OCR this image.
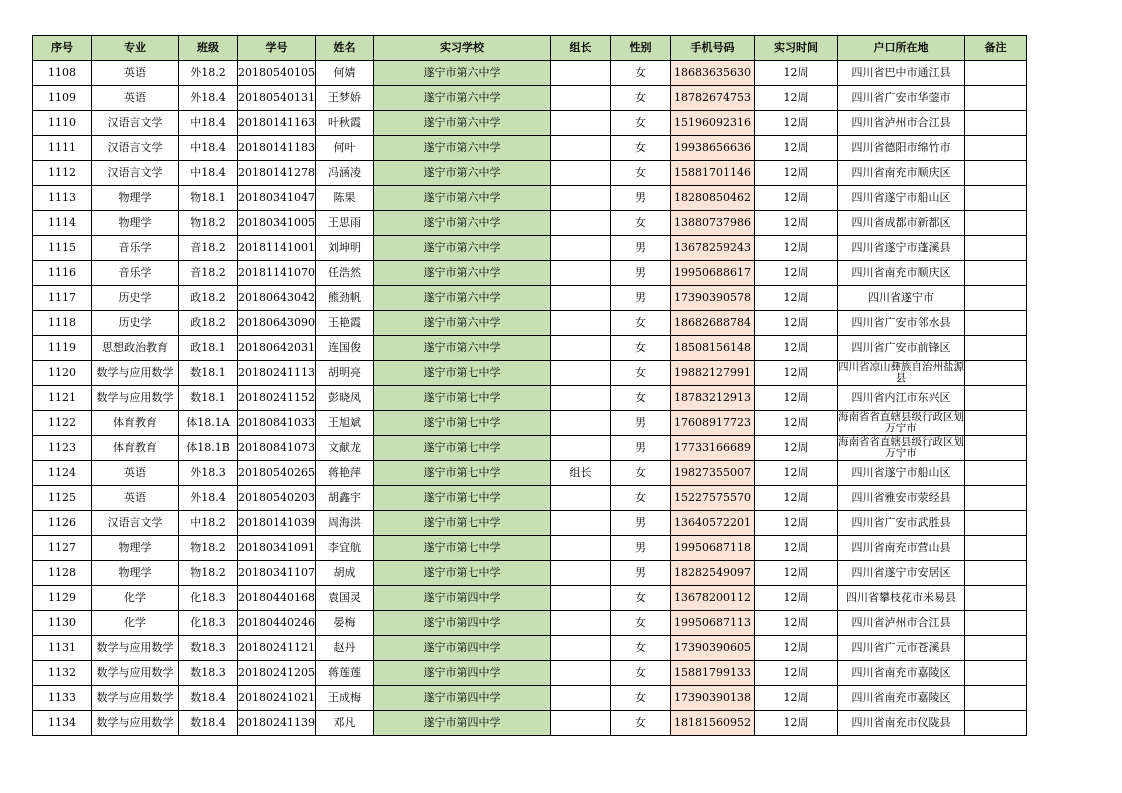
序号	专业	班级	学号	姓名	实习学校	组长	性别	手机号码	实习时间	户口所在地	备注
1108	英语	外18.2	20180540105	何婧	遂宁市第六中学		女	18683635630	12周	四川省巴中市通江县	
1109	英语	外18.4	20180540131	王梦娇	遂宁市第六中学		女	18782674753	12周	四川省广安市华蓥市	
1110	汉语言文学	中18.4	20180141163	叶秋霞	遂宁市第六中学		女	15196092316	12周	四川省泸州市合江县	
1111	汉语言文学	中18.4	20180141183	何叶	遂宁市第六中学		女	19938656636	12周	四川省德阳市绵竹市	
1112	汉语言文学	中18.4	20180141278	冯涵凌	遂宁市第六中学		女	15881701146	12周	四川省南充市顺庆区	
1113	物理学	物18.1	20180341047	陈果	遂宁市第六中学		男	18280850462	12周	四川省遂宁市船山区	
1114	物理学	物18.2	20180341005	王思雨	遂宁市第六中学		女	13880737986	12周	四川省成都市新都区	
1115	音乐学	音18.2	20181141001	刘坤明	遂宁市第六中学		男	13678259243	12周	四川省遂宁市蓬溪县	
1116	音乐学	音18.2	20181141070	任浩然	遂宁市第六中学		男	19950688617	12周	四川省南充市顺庆区	
1117	历史学	政18.2	20180643042	熊劲帆	遂宁市第六中学		男	17390390578	12周	四川省遂宁市	
1118	历史学	政18.2	20180643090	王艳霞	遂宁市第六中学		女	18682688784	12周	四川省广安市邻水县	
1119	思想政治教育	政18.1	20180642031	连国俊	遂宁市第六中学		女	18508156148	12周	四川省广安市前锋区	
1120	数学与应用数学	数18.1	20180241113	胡明亮	遂宁市第七中学		女	19882127991	12周	四川省凉山彝族自治州盐源县	
1121	数学与应用数学	数18.1	20180241152	彭晓凤	遂宁市第七中学		女	18783212913	12周	四川省内江市东兴区	
1122	体育教育	体18.1A	20180841033	王旭斌	遂宁市第七中学		男	17608917723	12周	海南省省直辖县级行政区划万宁市	
1123	体育教育	体18.1B	20180841073	文献龙	遂宁市第七中学		男	17733166689	12周	海南省省直辖县级行政区划万宁市	
1124	英语	外18.3	20180540265	蒋艳萍	遂宁市第七中学	组长	女	19827355007	12周	四川省遂宁市船山区	
1125	英语	外18.4	20180540203	胡鑫宇	遂宁市第七中学		女	15227575570	12周	四川省雅安市荥经县	
1126	汉语言文学	中18.2	20180141039	周海洪	遂宁市第七中学		男	13640572201	12周	四川省广安市武胜县	
1127	物理学	物18.2	20180341091	李宜航	遂宁市第七中学		男	19950687118	12周	四川省南充市营山县	
1128	物理学	物18.2	20180341107	胡成	遂宁市第七中学		男	18282549097	12周	四川省遂宁市安居区	
1129	化学	化18.3	20180440168	袁国灵	遂宁市第四中学		女	13678200112	12周	四川省攀枝花市米易县	
1130	化学	化18.3	20180440246	晏梅	遂宁市第四中学		女	19950687113	12周	四川省泸州市合江县	
1131	数学与应用数学	数18.3	20180241121	赵丹	遂宁市第四中学		女	17390390605	12周	四川省广元市苍溪县	
1132	数学与应用数学	数18.3	20180241205	蒋莲莲	遂宁市第四中学		女	15881799133	12周	四川省南充市嘉陵区	
1133	数学与应用数学	数18.4	20180241021	王成梅	遂宁市第四中学		女	17390390138	12周	四川省南充市嘉陵区	
1134	数学与应用数学	数18.4	20180241139	邓凡	遂宁市第四中学		女	18181560952	12周	四川省南充市仪陇县	
